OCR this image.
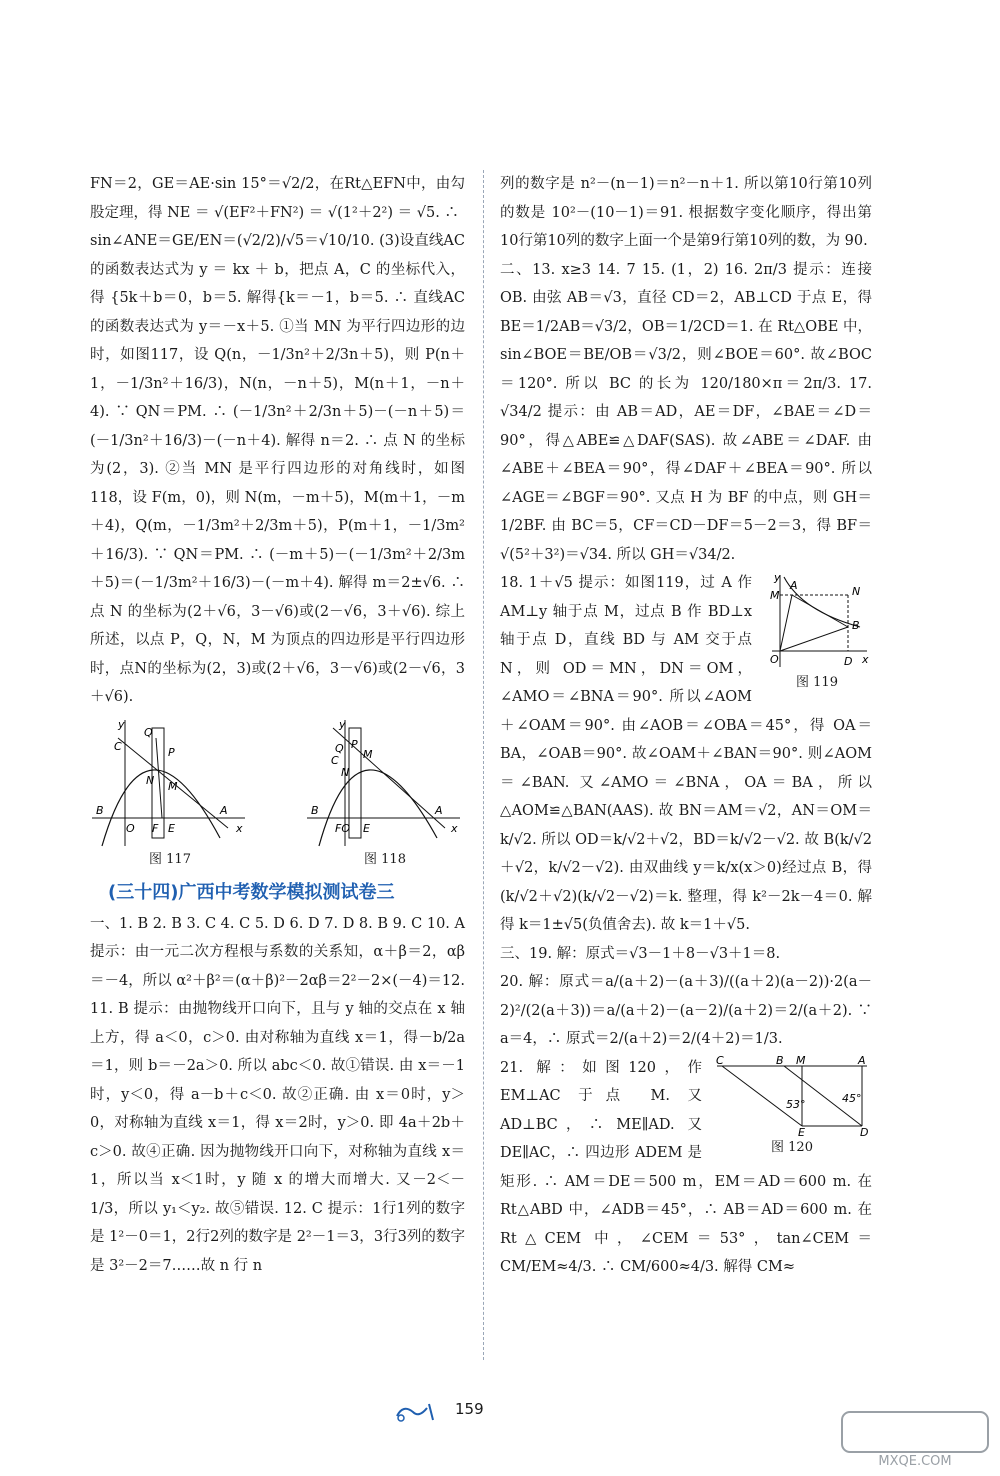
FN＝2，GE＝AE·sin 15°＝√2/2，在Rt△EFN中，由勾股定理，得 NE ＝ √(EF²＋FN²) ＝ √(1²＋2²) ＝ √5. ∴

sin∠ANE＝GE/EN＝(√2/2)/√5＝√10/10. (3)设直线AC的函数表达式为 y ＝ kx ＋ b，把点 A，C 的坐标代入，得 {5k＋b＝0，b＝5. 解得{k＝－1，b＝5. ∴ 直线AC的函数表达式为 y＝－x＋5. ①当 MN 为平行四边形的边时，如图117，设 Q(n，－1/3n²＋2/3n＋5)，则 P(n＋1，－1/3n²＋16/3)，N(n，－n＋5)，M(n＋1，－n＋4). ∵ QN＝PM. ∴ (－1/3n²＋2/3n＋5)－(－n＋5)＝(－1/3n²＋16/3)－(－n＋4). 解得 n＝2. ∴ 点 N 的坐标为(2，3). ②当 MN 是平行四边形的对角线时，如图118，设 F(m，0)，则 N(m，－m＋5)，M(m＋1，－m＋4)，Q(m，－1/3m²＋2/3m＋5)，P(m＋1，－1/3m²＋16/3). ∵ QN＝PM. ∴ (－m＋5)－(－1/3m²＋2/3m＋5)＝(－1/3m²＋16/3)－(－m＋4). 解得 m＝2±√6. ∴ 点 N 的坐标为(2＋√6，3－√6)或(2－√6，3＋√6). 综上所述，以点 P，Q，N，M 为顶点的四边形是平行四边形时，点N的坐标为(2，3)或(2＋√6，3－√6)或(2－√6，3＋√6).

y
C
Q
P
N M
B
O F E
A
x
图 117
y
Q
C
P
M
N
B
FO E
A
x
图 118
(三十四)广西中考数学模拟测试卷三

一、1. B 2. B 3. C 4. C 5. D 6. D 7. D 8. B 9. C 10. A 提示：由一元二次方程根与系数的关系知，α＋β＝2，αβ＝－4，所以 α²＋β²＝(α＋β)²－2αβ＝2²－2×(－4)＝12. 11. B 提示：由抛物线开口向下，且与 y 轴的交点在 x 轴上方，得 a＜0，c＞0. 由对称轴为直线 x＝1，得－b/2a＝1，则 b＝－2a＞0. 所以 abc＜0. 故①错误. 由 x＝－1时，y＜0，得 a－b＋c＜0. 故②正确. 由 x＝0时，y＞0，对称轴为直线 x＝1，得 x＝2时，y＞0. 即 4a＋2b＋c＞0. 故④正确. 因为抛物线开口向下，对称轴为直线 x＝1，所以当 x＜1时，y 随 x 的增大而增大. 又－2＜－1/3，所以 y₁＜y₂. 故⑤错误. 12. C 提示：1行1列的数字是 1²－0＝1，2行2列的数字是 2²－1＝3，3行3列的数字是 3²－2＝7……故 n 行 n

列的数字是 n²－(n－1)＝n²－n＋1. 所以第10行第10列的数是 10²－(10－1)＝91. 根据数字变化顺序，得出第10行第10列的数字上面一个是第9行第10列的数，为 90.

二、13. x≥3 14. 7 15. (1，2) 16. 2π/3 提示：连接 OB. 由弦 AB＝√3，直径 CD＝2，AB⊥CD 于点 E，得 BE＝1/2AB＝√3/2，OB＝1/2CD＝1. 在 Rt△OBE 中，sin∠BOE＝BE/OB＝√3/2，则∠BOE＝60°. 故∠BOC＝120°. 所以 BC 的长为 120/180×π＝2π/3. 17. √34/2 提示：由 AB＝AD，AE＝DF，∠BAE＝∠D＝90°，得△ABE≌△DAF(SAS). 故∠ABE＝∠DAF. 由∠ABE＋∠BEA＝90°，得∠DAF＋∠BEA＝90°. 所以∠AGE＝∠BGF＝90°. 又点 H 为 BF 的中点，则 GH＝1/2BF. 由 BC＝5，CF＝CD－DF＝5－2＝3，得 BF＝√(5²＋3²)＝√34. 所以 GH＝√34/2.

y
A
M	N
B
O	D x
图 119

18. 1＋√5 提示：如图119，过 A 作 AM⊥y 轴于点 M，过点 B 作 BD⊥x 轴于点 D，直线 BD 与 AM 交于点 N，则 OD＝MN，DN＝OM，∠AMO＝∠BNA＝90°. 所以∠AOM＋∠OAM＝90°. 由∠AOB＝∠OBA＝45°，得 OA＝BA，∠OAB＝90°. 故∠OAM＋∠BAN＝90°. 则∠AOM＝∠BAN. 又∠AMO＝∠BNA，OA＝BA，所以△AOM≌△BAN(AAS). 故 BN＝AM＝√2，AN＝OM＝k/√2. 所以 OD＝k/√2＋√2，BD＝k/√2－√2. 故 B(k/√2＋√2，k/√2－√2). 由双曲线 y＝k/x(x＞0)经过点 B，得(k/√2＋√2)(k/√2－√2)＝k. 整理，得 k²－2k－4＝0. 解得 k＝1±√5(负值舍去). 故 k＝1＋√5.

三、19. 解：原式＝√3－1＋8－√3＋1＝8.

20. 解：原式＝a/(a＋2)－(a＋3)/((a＋2)(a－2))·2(a－2)²/(2(a＋3))＝a/(a＋2)－(a－2)/(a＋2)＝2/(a＋2). ∵ a＝4，∴ 原式＝2/(a＋2)＝2/(4＋2)＝1/3.

C	B M	A
53°	45°
E	D
图 120

21. 解：如图120，作 EM⊥AC 于点 M. 又 AD⊥BC，∴ ME∥AD. 又 DE∥AC，∴ 四边形 ADEM 是矩形. ∴ AM＝DE＝500 m，EM＝AD＝600 m. 在 Rt△ABD 中，∠ADB＝45°，∴ AB＝AD＝600 m. 在 Rt△CEM 中，∠CEM＝53°，tan∠CEM＝CM/EM≈4/3. ∴ CM/600≈4/3. 解得 CM≈

159
MXQE.COM
